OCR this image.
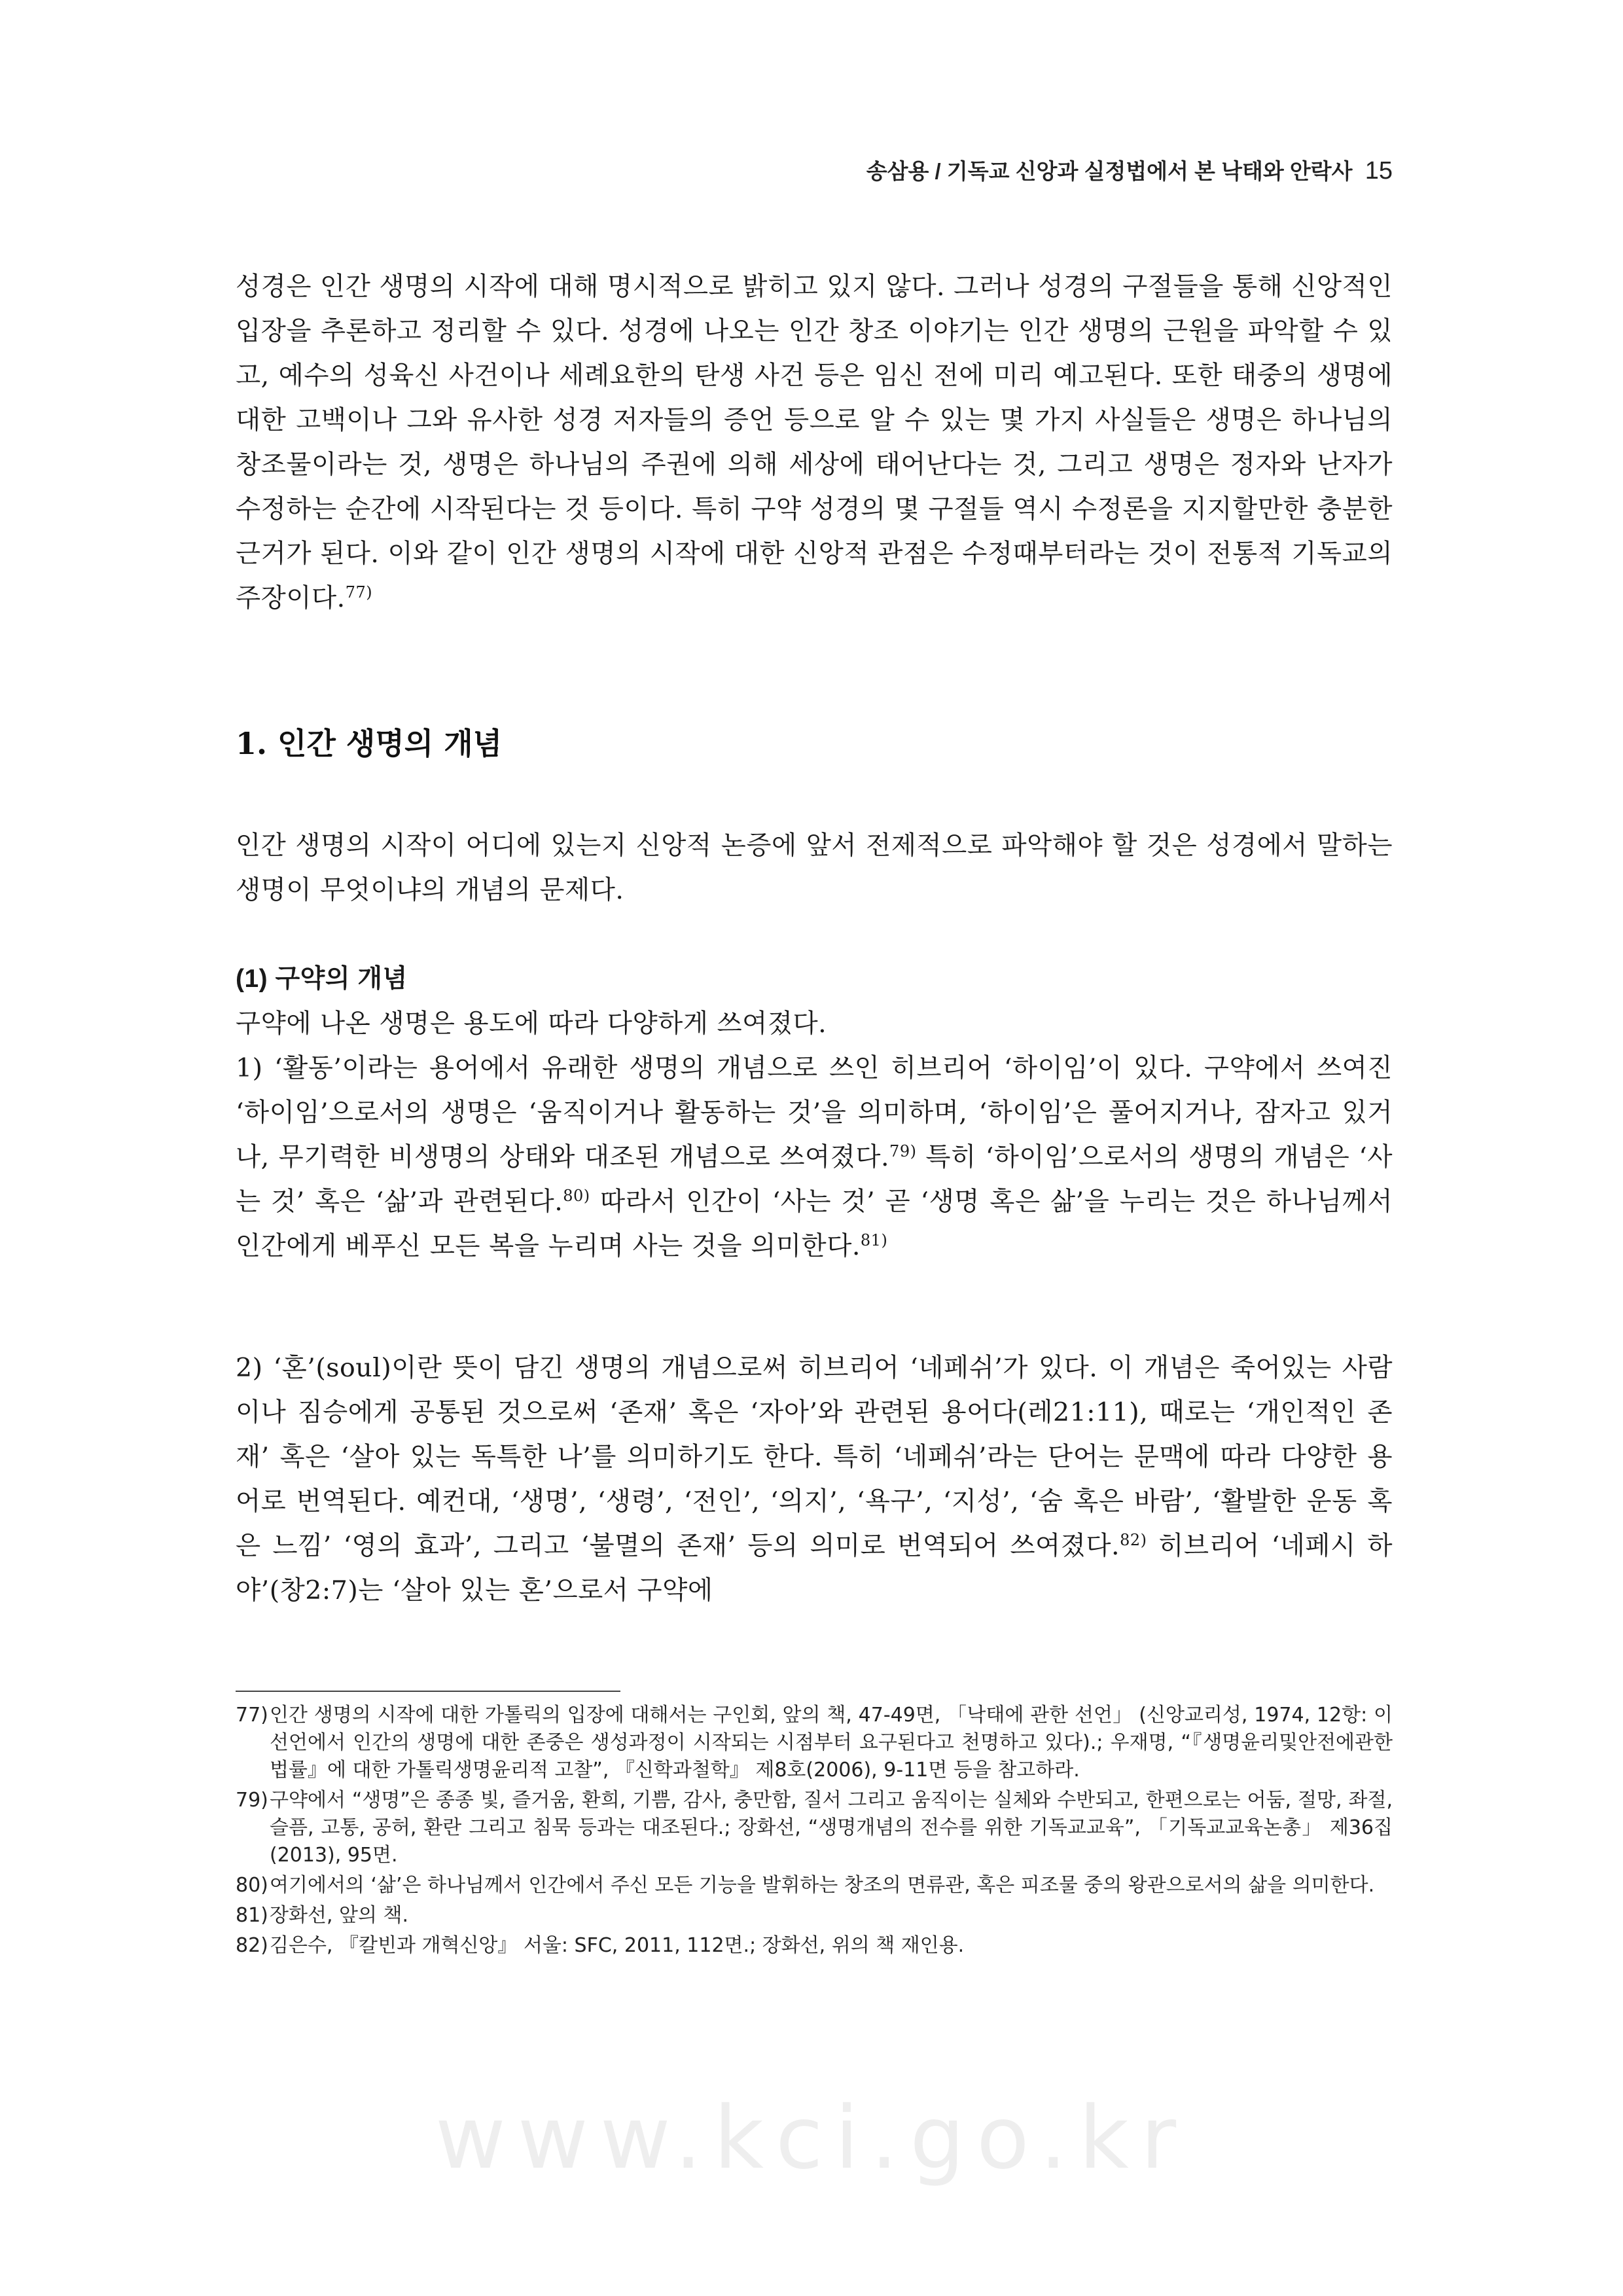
송삼용 / 기독교 신앙과 실정법에서 본 낙태와 안락사 15

성경은 인간 생명의 시작에 대해 명시적으로 밝히고 있지 않다. 그러나 성경의 구절들을 통해 신앙적인 입장을 추론하고 정리할 수 있다. 성경에 나오는 인간 창조 이야기는 인간 생명의 근원을 파악할 수 있고, 예수의 성육신 사건이나 세례요한의 탄생 사건 등은 임신 전에 미리 예고된다. 또한 태중의 생명에 대한 고백이나 그와 유사한 성경 저자들의 증언 등으로 알 수 있는 몇 가지 사실들은 생명은 하나님의 창조물이라는 것, 생명은 하나님의 주권에 의해 세상에 태어난다는 것, 그리고 생명은 정자와 난자가 수정하는 순간에 시작된다는 것 등이다. 특히 구약 성경의 몇 구절들 역시 수정론을 지지할만한 충분한 근거가 된다. 이와 같이 인간 생명의 시작에 대한 신앙적 관점은 수정때부터라는 것이 전통적 기독교의 주장이다.$^{77)}$

1. 인간 생명의 개념

인간 생명의 시작이 어디에 있는지 신앙적 논증에 앞서 전제적으로 파악해야 할 것은 성경에서 말하는 생명이 무엇이냐의 개념의 문제다.

(1) 구약의 개념

구약에 나온 생명은 용도에 따라 다양하게 쓰여졌다.

1) ‘활동’이라는 용어에서 유래한 생명의 개념으로 쓰인 히브리어 ‘하이임’이 있다. 구약에서 쓰여진 ‘하이임’으로서의 생명은 ‘움직이거나 활동하는 것’을 의미하며, ‘하이임’은 풀어지거나, 잠자고 있거나, 무기력한 비생명의 상태와 대조된 개념으로 쓰여졌다.$^{79)}$ 특히 ‘하이임’으로서의 생명의 개념은 ‘사는 것’ 혹은 ‘삶’과 관련된다.$^{80)}$ 따라서 인간이 ‘사는 것’ 곧 ‘생명 혹은 삶’을 누리는 것은 하나님께서 인간에게 베푸신 모든 복을 누리며 사는 것을 의미한다.$^{81)}$

2) ‘혼’(soul)이란 뜻이 담긴 생명의 개념으로써 히브리어 ‘네페쉬’가 있다. 이 개념은 죽어있는 사람이나 짐승에게 공통된 것으로써 ‘존재’ 혹은 ‘자아’와 관련된 용어다(레21:11), 때로는 ‘개인적인 존재’ 혹은 ‘살아 있는 독특한 나’를 의미하기도 한다. 특히 ‘네페쉬’라는 단어는 문맥에 따라 다양한 용어로 번역된다. 예컨대, ‘생명’, ‘생령’, ‘전인’, ‘의지’, ‘욕구’, ‘지성’, ‘숨 혹은 바람’, ‘활발한 운동 혹은 느낌’ ‘영의 효과’, 그리고 ‘불멸의 존재’ 등의 의미로 번역되어 쓰여졌다.$^{82)}$ 히브리어 ‘네페시 하야’(창2:7)는 ‘살아 있는 혼’으로서 구약에

77) 인간 생명의 시작에 대한 가톨릭의 입장에 대해서는 구인회, 앞의 책, 47-49면, 「낙태에 관한 선언」 (신앙교리성, 1974, 12항: 이 선언에서 인간의 생명에 대한 존중은 생성과정이 시작되는 시점부터 요구된다고 천명하고 있다).; 우재명, “『생명윤리및안전에관한법률』에 대한 가톨릭생명윤리적 고찰”, 『신학과철학』 제8호(2006), 9-11면 등을 참고하라.
79) 구약에서 “생명”은 종종 빛, 즐거움, 환희, 기쁨, 감사, 충만함, 질서 그리고 움직이는 실체와 수반되고, 한편으로는 어둠, 절망, 좌절, 슬픔, 고통, 공허, 환란 그리고 침묵 등과는 대조된다.; 장화선, “생명개념의 전수를 위한 기독교교육”, 「기독교교육논총」 제36집(2013), 95면.
80) 여기에서의 ‘삶’은 하나님께서 인간에서 주신 모든 기능을 발휘하는 창조의 면류관, 혹은 피조물 중의 왕관으로서의 삶을 의미한다.
81) 장화선, 앞의 책.
82) 김은수, 『칼빈과 개혁신앙』 서울: SFC, 2011, 112면.; 장화선, 위의 책 재인용.
www.kci.go.kr
